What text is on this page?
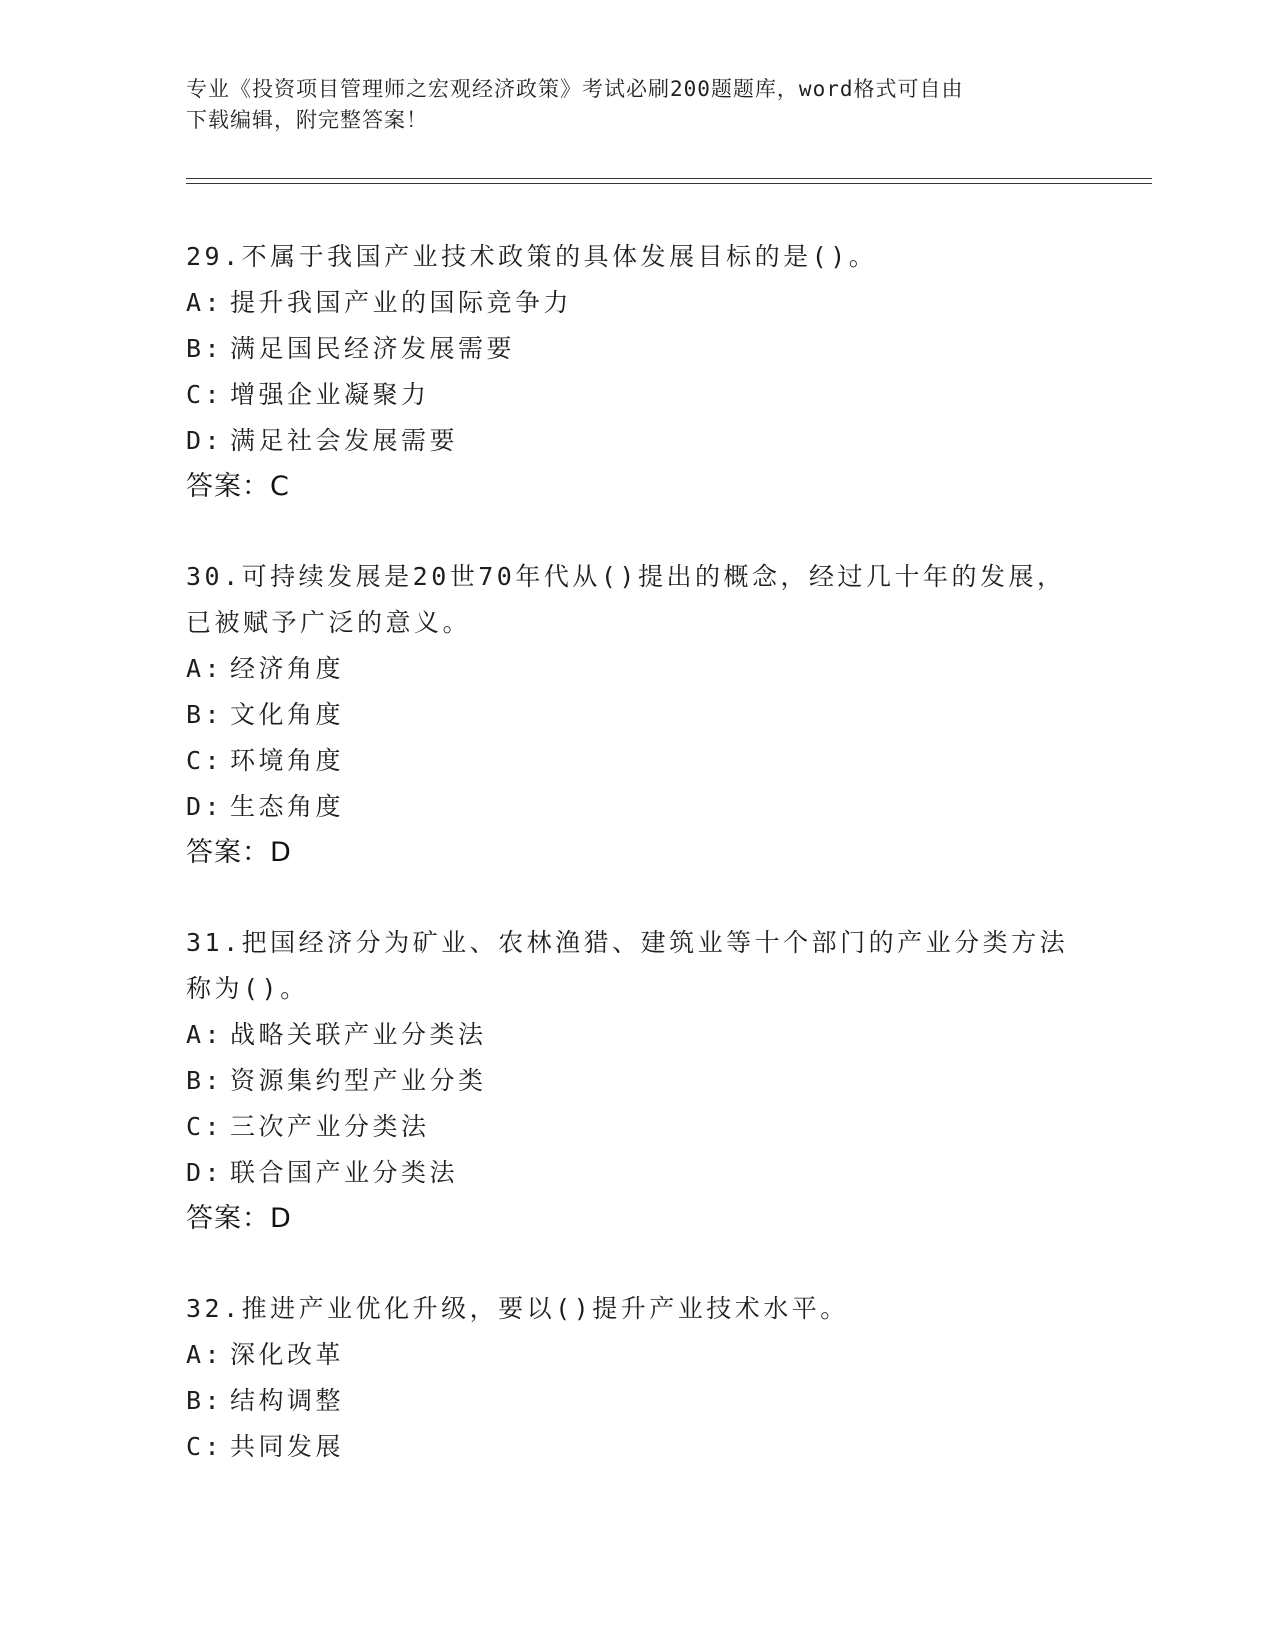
专业《投资项目管理师之宏观经济政策》考试必刷200题题库，word格式可自由
下载编辑，附完整答案！
29.不属于我国产业技术政策的具体发展目标的是()。
A: 提升我国产业的国际竞争力
B: 满足国民经济发展需要
C: 增强企业凝聚力
D: 满足社会发展需要
答案：C
30.可持续发展是20世70年代从()提出的概念，经过几十年的发展，
已被赋予广泛的意义。
A: 经济角度
B: 文化角度
C: 环境角度
D: 生态角度
答案：D
31.把国经济分为矿业、农林渔猎、建筑业等十个部门的产业分类方法
称为()。
A: 战略关联产业分类法
B: 资源集约型产业分类
C: 三次产业分类法
D: 联合国产业分类法
答案：D
32.推进产业优化升级，要以()提升产业技术水平。
A: 深化改革
B: 结构调整
C: 共同发展
